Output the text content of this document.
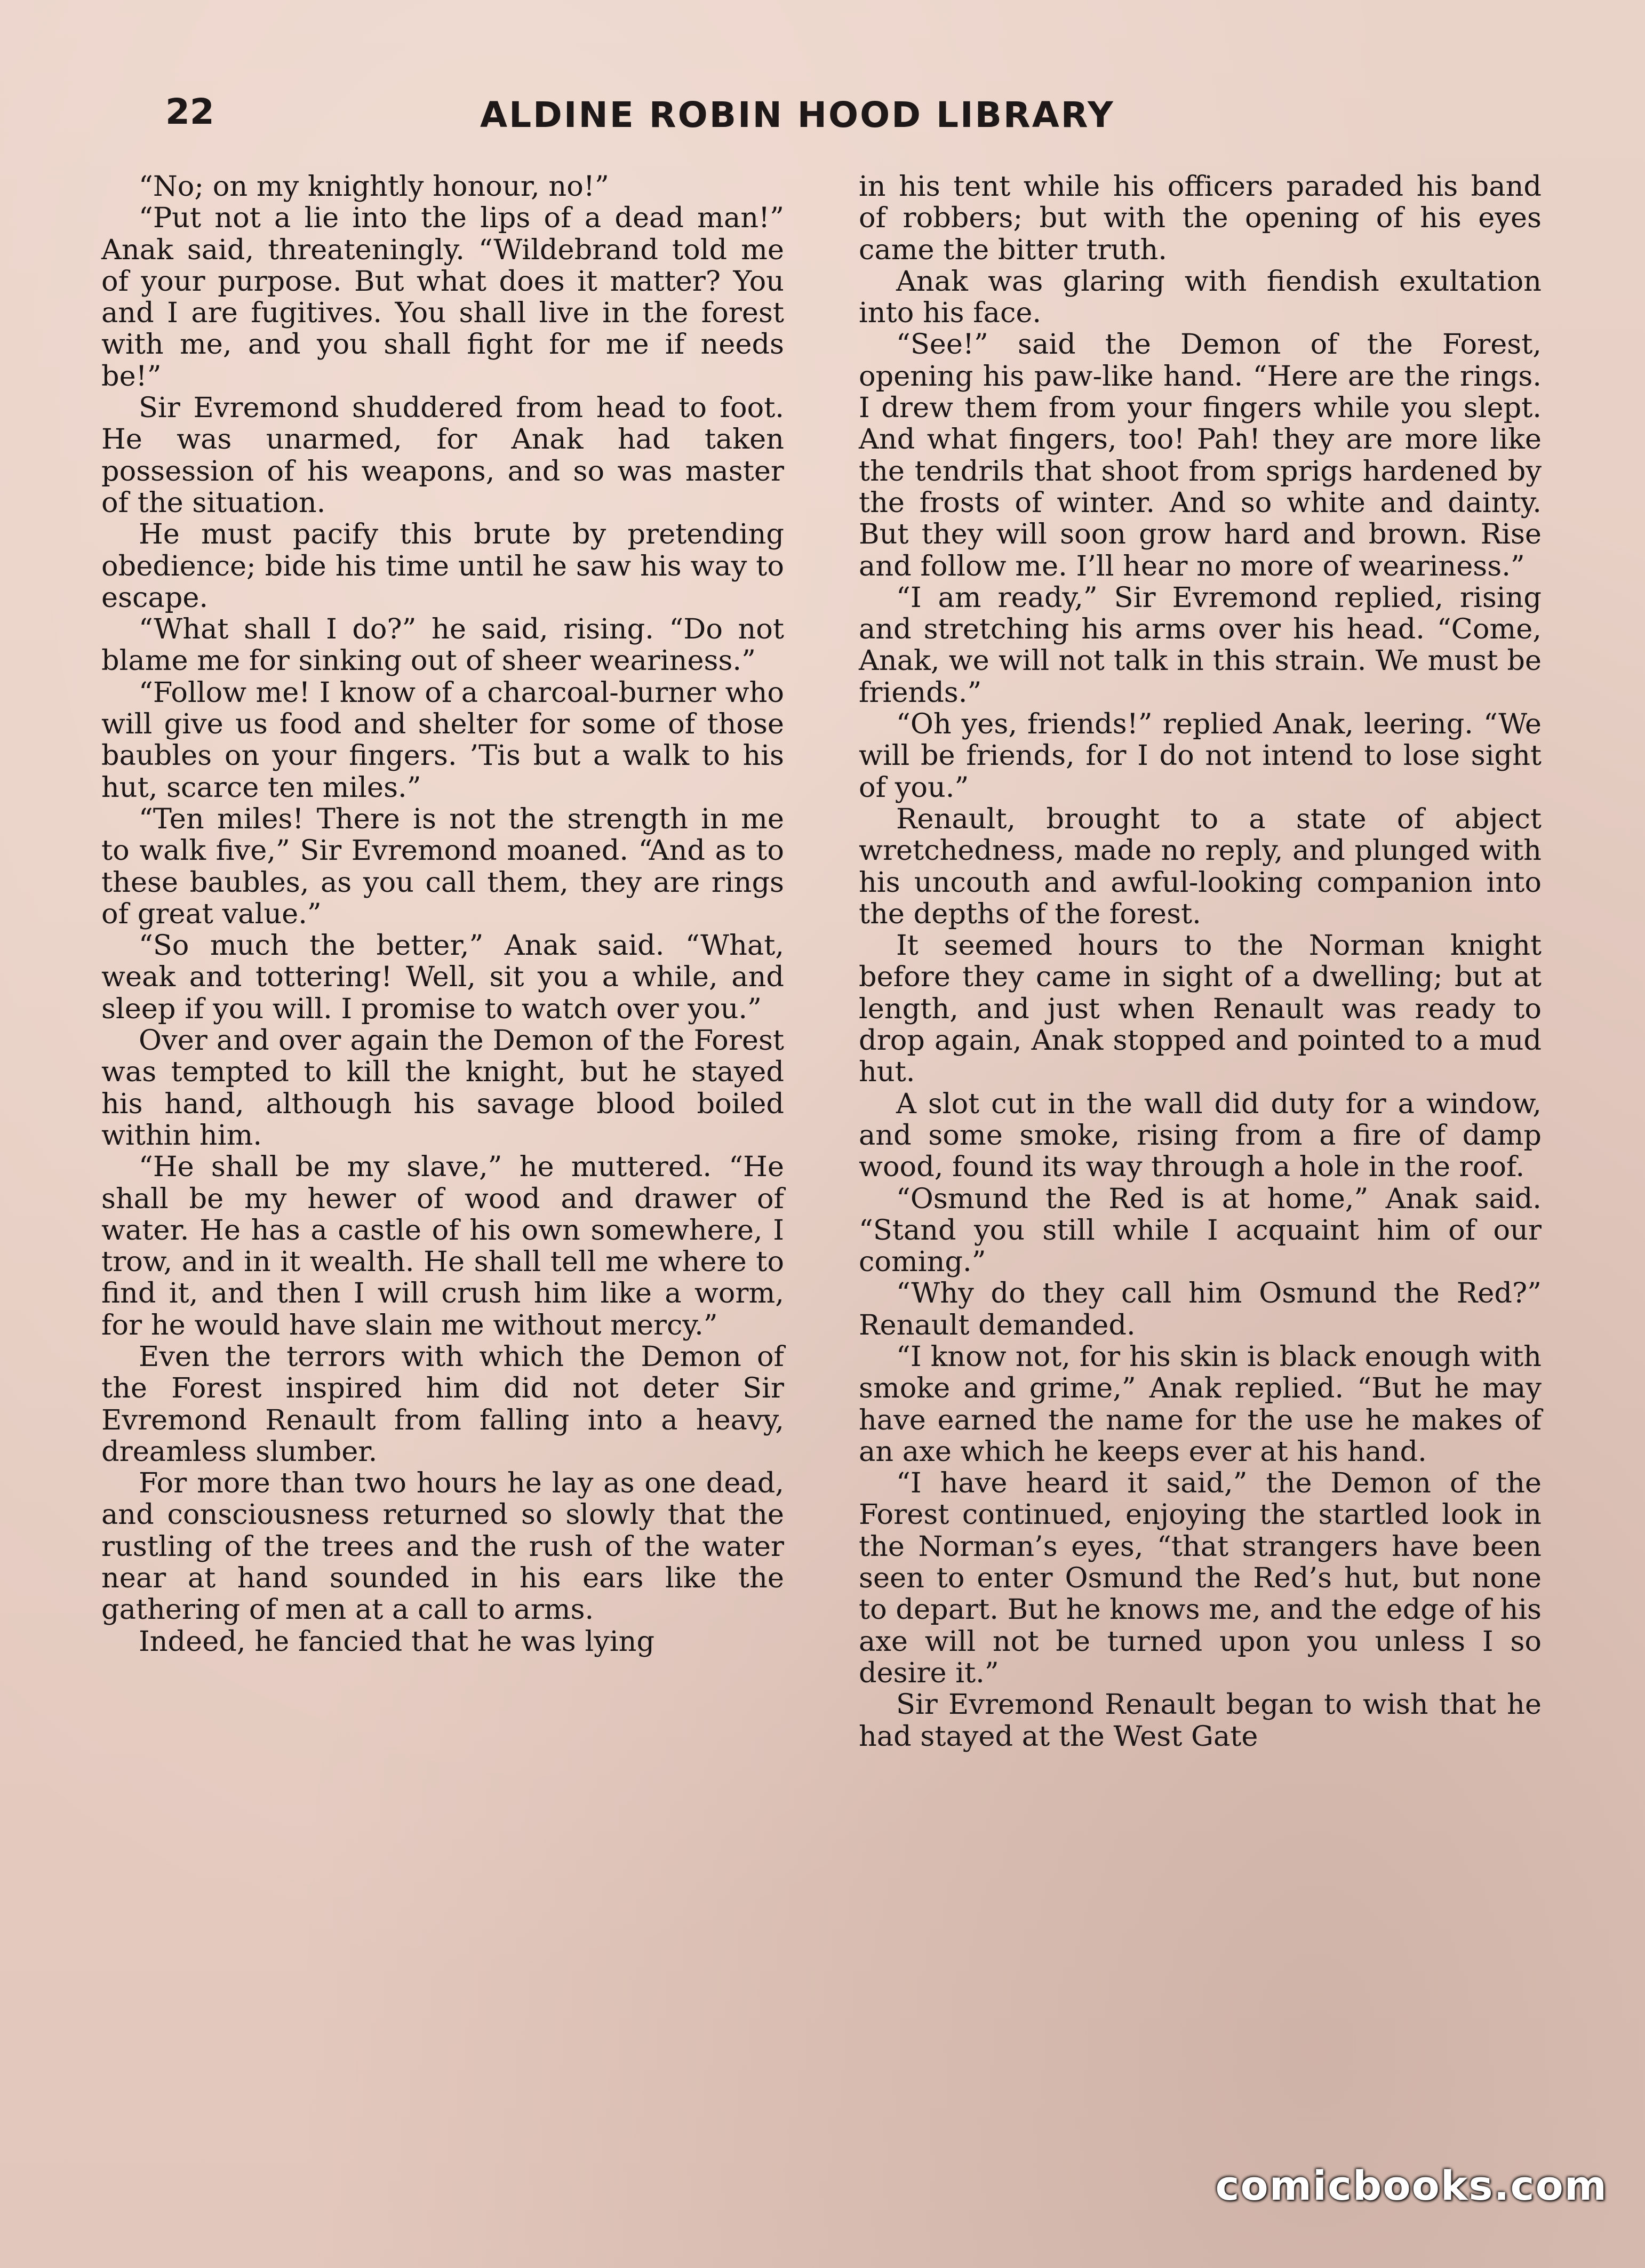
22	ALDINE ROBIN HOOD LIBRARY

“No; on my knightly honour, no!”

“Put not a lie into the lips of a dead man!” Anak said, threateningly. “Wildebrand told me of your purpose. But what does it matter? You and I are fugitives. You shall live in the forest with me, and you shall fight for me if needs be!”

Sir Evremond shuddered from head to foot. He was unarmed, for Anak had taken possession of his weapons, and so was master of the situation.

He must pacify this brute by pretending obedience; bide his time until he saw his way to escape.

“What shall I do?” he said, rising. “Do not blame me for sinking out of sheer weariness.”

“Follow me! I know of a charcoal-burner who will give us food and shelter for some of those baubles on your fingers. ’Tis but a walk to his hut, scarce ten miles.”

“Ten miles! There is not the strength in me to walk five,” Sir Evremond moaned. “And as to these baubles, as you call them, they are rings of great value.”

“So much the better,” Anak said. “What, weak and tottering! Well, sit you a while, and sleep if you will. I promise to watch over you.”

Over and over again the Demon of the Forest was tempted to kill the knight, but he stayed his hand, although his savage blood boiled within him.

“He shall be my slave,” he muttered. “He shall be my hewer of wood and drawer of water. He has a castle of his own somewhere, I trow, and in it wealth. He shall tell me where to find it, and then I will crush him like a worm, for he would have slain me without mercy.”

Even the terrors with which the Demon of the Forest inspired him did not deter Sir Evremond Renault from falling into a heavy, dreamless slumber.

For more than two hours he lay as one dead, and consciousness returned so slowly that the rustling of the trees and the rush of the water near at hand sounded in his ears like the gathering of men at a call to arms.

Indeed, he fancied that he was lying

in his tent while his officers paraded his band of robbers; but with the opening of his eyes came the bitter truth.

Anak was glaring with fiendish exultation into his face.

“See!” said the Demon of the Forest, opening his paw-like hand. “Here are the rings. I drew them from your fingers while you slept. And what fingers, too! Pah! they are more like the tendrils that shoot from sprigs hardened by the frosts of winter. And so white and dainty. But they will soon grow hard and brown. Rise and follow me. I’ll hear no more of weariness.”

“I am ready,” Sir Evremond replied, rising and stretching his arms over his head. “Come, Anak, we will not talk in this strain. We must be friends.”

“Oh yes, friends!” replied Anak, leering. “We will be friends, for I do not intend to lose sight of you.”

Renault, brought to a state of abject wretchedness, made no reply, and plunged with his uncouth and awful-looking companion into the depths of the forest.

It seemed hours to the Norman knight before they came in sight of a dwelling; but at length, and just when Renault was ready to drop again, Anak stopped and pointed to a mud hut.

A slot cut in the wall did duty for a window, and some smoke, rising from a fire of damp wood, found its way through a hole in the roof.

“Osmund the Red is at home,” Anak said. “Stand you still while I acquaint him of our coming.”

“Why do they call him Osmund the Red?” Renault demanded.

“I know not, for his skin is black enough with smoke and grime,” Anak replied. “But he may have earned the name for the use he makes of an axe which he keeps ever at his hand.

“I have heard it said,” the Demon of the Forest continued, enjoying the startled look in the Norman’s eyes, “that strangers have been seen to enter Osmund the Red’s hut, but none to depart. But he knows me, and the edge of his axe will not be turned upon you unless I so desire it.”

Sir Evremond Renault began to wish that he had stayed at the West Gate

comicbooks.com
